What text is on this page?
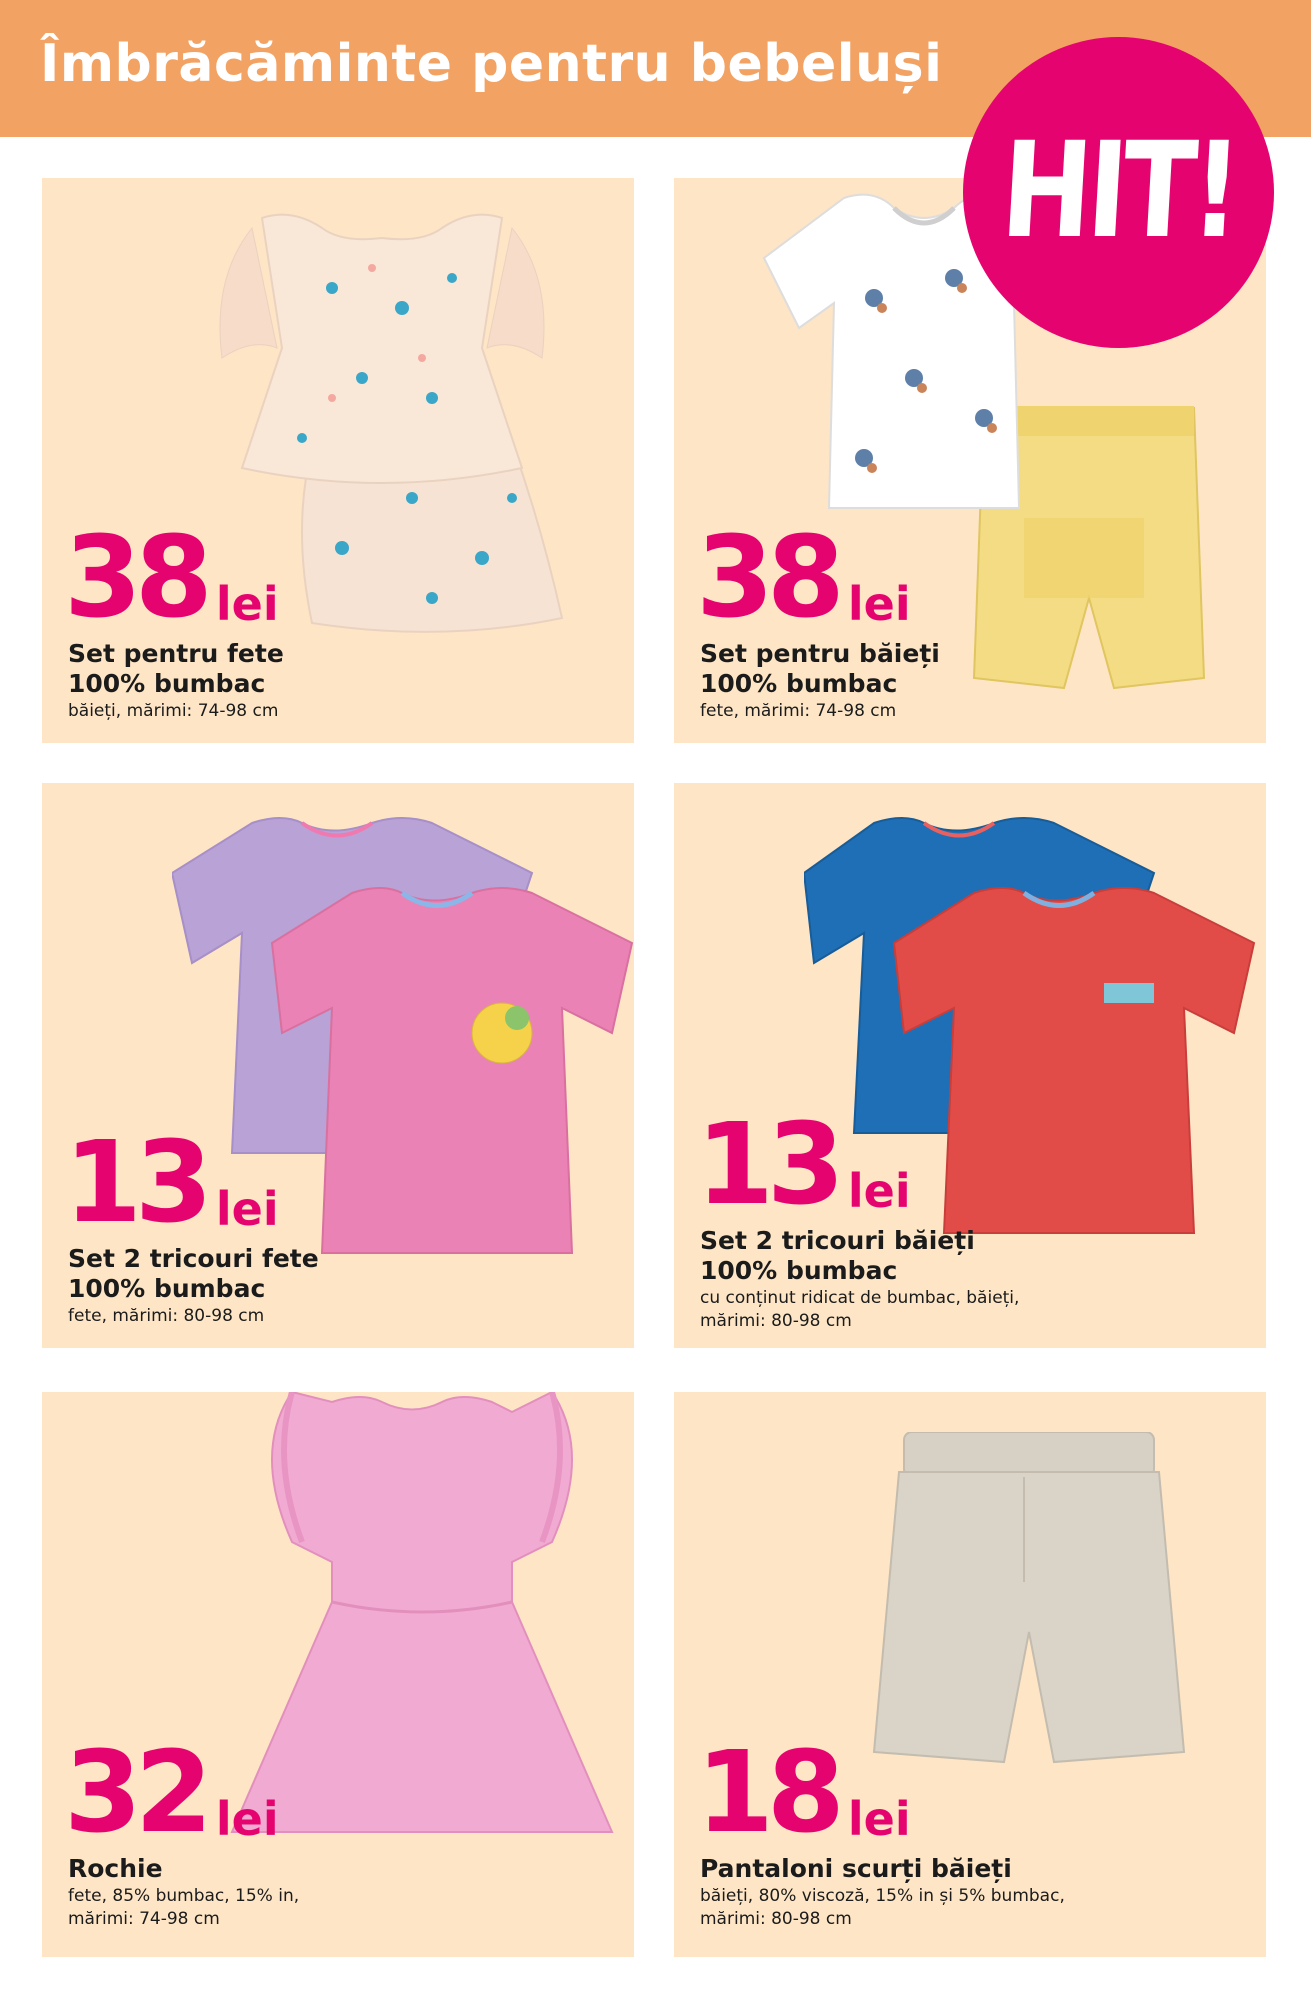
Îmbrăcăminte pentru bebeluși
HIT!
38 lei
Set pentru fete
100% bumbac
băieți, mărimi: 74-98 cm
38 lei
Set pentru băieți
100% bumbac
fete, mărimi: 74-98 cm
13 lei
Set 2 tricouri fete
100% bumbac
fete, mărimi: 80-98 cm
13 lei
Set 2 tricouri băieți
100% bumbac
cu conținut ridicat de bumbac, băieți, mărimi: 80-98 cm
32 lei
Rochie
fete, 85% bumbac, 15% in, mărimi: 74-98 cm
18 lei
Pantaloni scurți băieți
băieți, 80% viscoză, 15% in și 5% bumbac, mărimi: 80-98 cm
